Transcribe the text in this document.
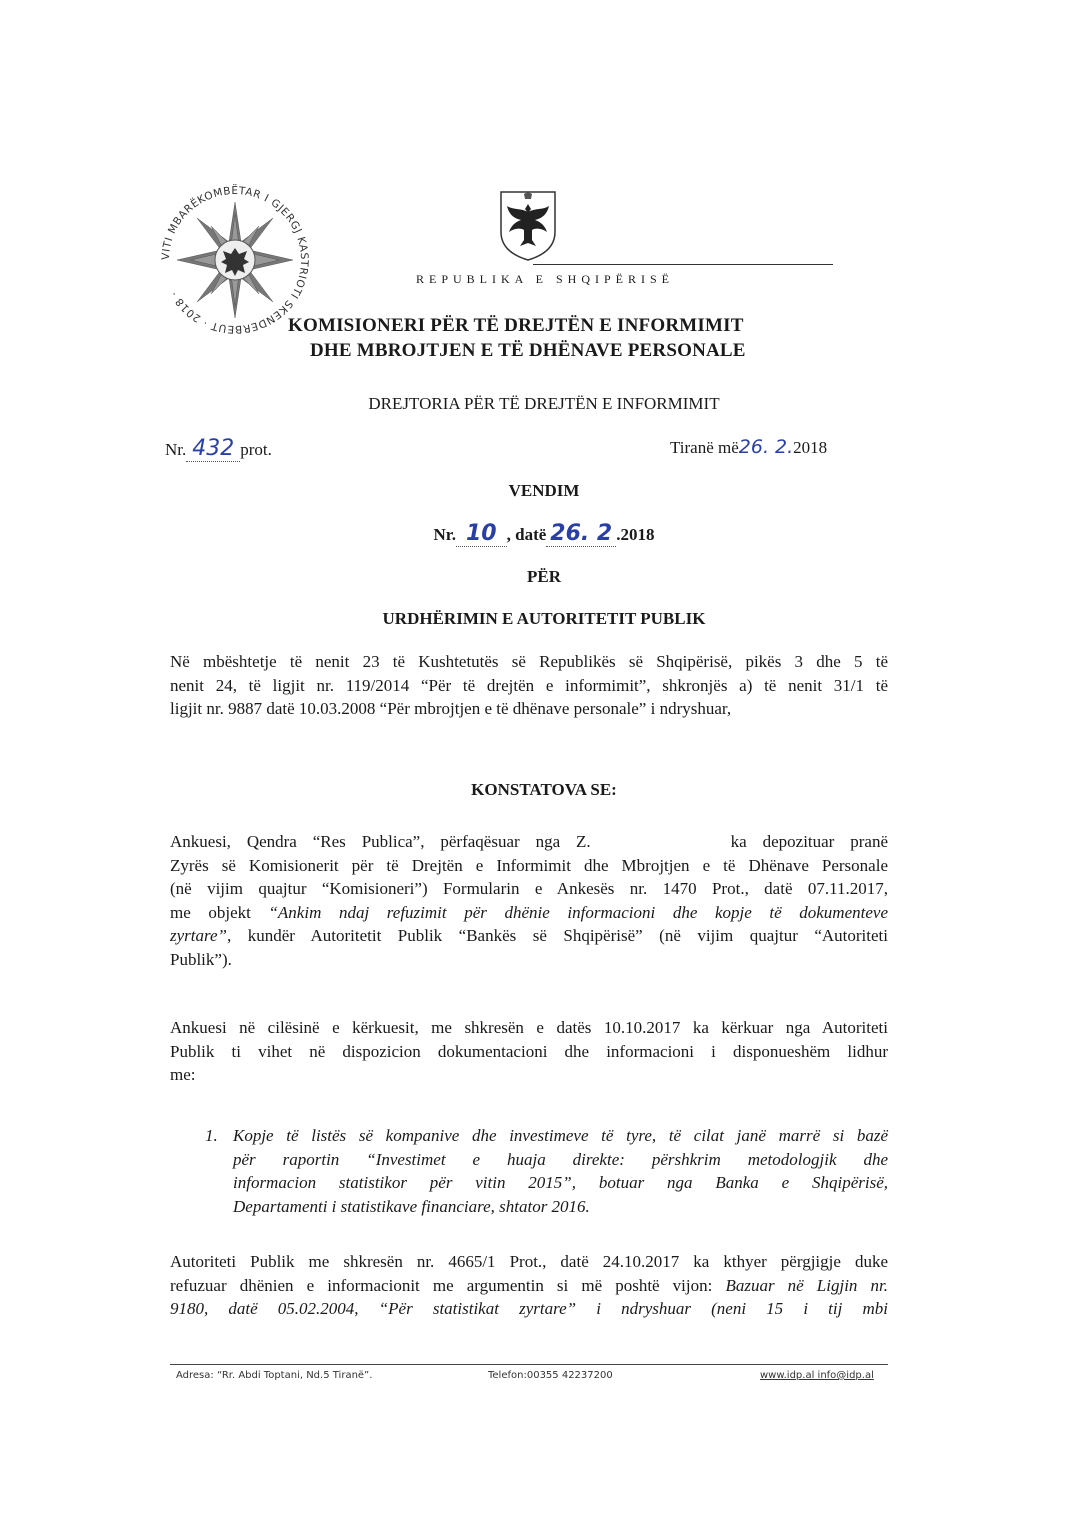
VITI MBARËKOMBËTAR I GJERGJ KASTRIOTI SKENDERBEUT · 2018 ·
REPUBLIKA E SHQIPËRISË
KOMISIONERI PËR TË DREJTËN E INFORMIMIT
DHE MBROJTJEN E TË DHËNAVE PERSONALE
DREJTORIA PËR TË DREJTËN E INFORMIMIT
Nr. 432 prot.	Tiranë më26. 2.2018
VENDIM
Nr. 10 , datë 26. 2 .2018
PËR
URDHËRIMIN E AUTORITETIT PUBLIK
Në mbështetje të nenit 23 të Kushtetutës së Republikës së Shqipërisë, pikës 3 dhe 5 të
nenit 24, të ligjit nr. 119/2014 “Për të drejtën e informimit”, shkronjës a) të nenit 31/1 të
ligjit nr. 9887 datë 10.03.2008 “Për mbrojtjen e të dhënave personale” i ndryshuar,
KONSTATOVA SE:
Ankuesi, Qendra “Res Publica”, përfaqësuar nga Z.	ka depozituar pranë
Zyrës së Komisionerit për të Drejtën e Informimit dhe Mbrojtjen e të Dhënave Personale
(në vijim quajtur “Komisioneri”) Formularin e Ankesës nr. 1470 Prot., datë 07.11.2017,
me objekt “Ankim ndaj refuzimit për dhënie informacioni dhe kopje të dokumenteve
zyrtare”, kundër Autoritetit Publik “Bankës së Shqipërisë” (në vijim quajtur “Autoriteti
Publik”).
Ankuesi në cilësinë e kërkuesit, me shkresën e datës 10.10.2017 ka kërkuar nga Autoriteti
Publik ti vihet në dispozicion dokumentacioni dhe informacioni i disponueshëm lidhur
me:
1. Kopje të listës së kompanive dhe investimeve të tyre, të cilat janë marrë si bazë
për raportin “Investimet e huaja direkte: përshkrim metodologjik dhe
informacion statistikor për vitin 2015”, botuar nga Banka e Shqipërisë,
Departamenti i statistikave financiare, shtator 2016.
Autoriteti Publik me shkresën nr. 4665/1 Prot., datë 24.10.2017 ka kthyer përgjigje duke
refuzuar dhënien e informacionit me argumentin si më poshtë vijon: Bazuar në Ligjin nr.
9180, datë 05.02.2004, “Për statistikat zyrtare” i ndryshuar (neni 15 i tij mbi
Adresa: “Rr. Abdi Toptani, Nd.5 Tiranë”.	Telefon:00355 42237200	www.idp.al info@idp.al
